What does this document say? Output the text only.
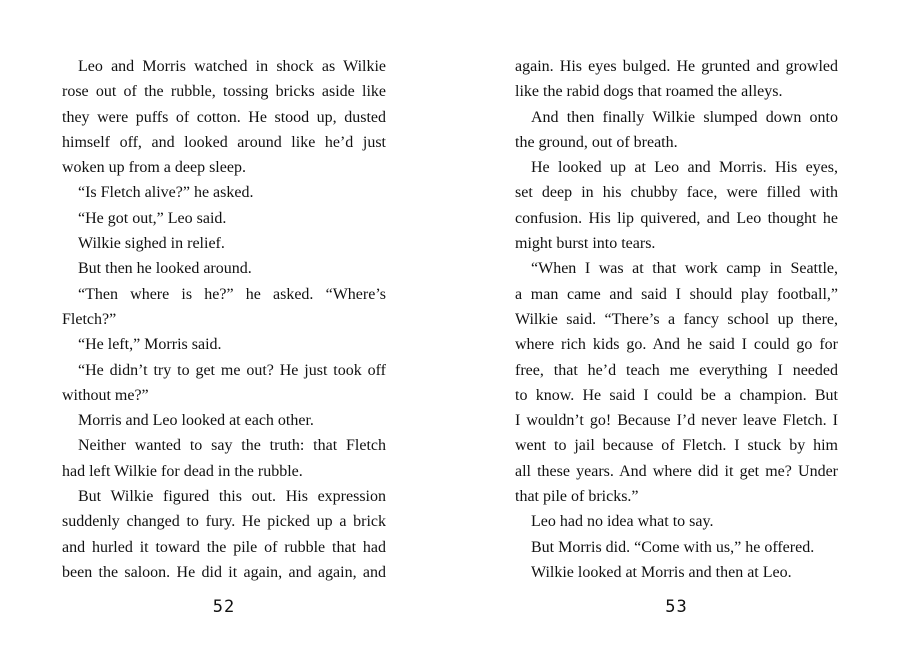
Leo and Morris watched in shock as Wilkie
rose out of the rubble, tossing bricks aside like
they were puffs of cotton. He stood up, dusted
himself off, and looked around like he’d just
woken up from a deep sleep.
“Is Fletch alive?” he asked.
“He got out,” Leo said.
Wilkie sighed in relief.
But then he looked around.
“Then where is he?” he asked. “Where’s
Fletch?”
“He left,” Morris said.
“He didn’t try to get me out? He just took off
without me?”
Morris and Leo looked at each other.
Neither wanted to say the truth: that Fletch
had left Wilkie for dead in the rubble.
But Wilkie figured this out. His expression
suddenly changed to fury. He picked up a brick
and hurled it toward the pile of rubble that had
been the saloon. He did it again, and again, and
52
again. His eyes bulged. He grunted and growled
like the rabid dogs that roamed the alleys.
And then finally Wilkie slumped down onto
the ground, out of breath.
He looked up at Leo and Morris. His eyes,
set deep in his chubby face, were filled with
confusion. His lip quivered, and Leo thought he
might burst into tears.
“When I was at that work camp in Seattle,
a man came and said I should play football,”
Wilkie said. “There’s a fancy school up there,
where rich kids go. And he said I could go for
free, that he’d teach me everything I needed
to know. He said I could be a champion. But
I wouldn’t go! Because I’d never leave Fletch. I
went to jail because of Fletch. I stuck by him
all these years. And where did it get me? Under
that pile of bricks.”
Leo had no idea what to say.
But Morris did. “Come with us,” he offered.
Wilkie looked at Morris and then at Leo.
53
